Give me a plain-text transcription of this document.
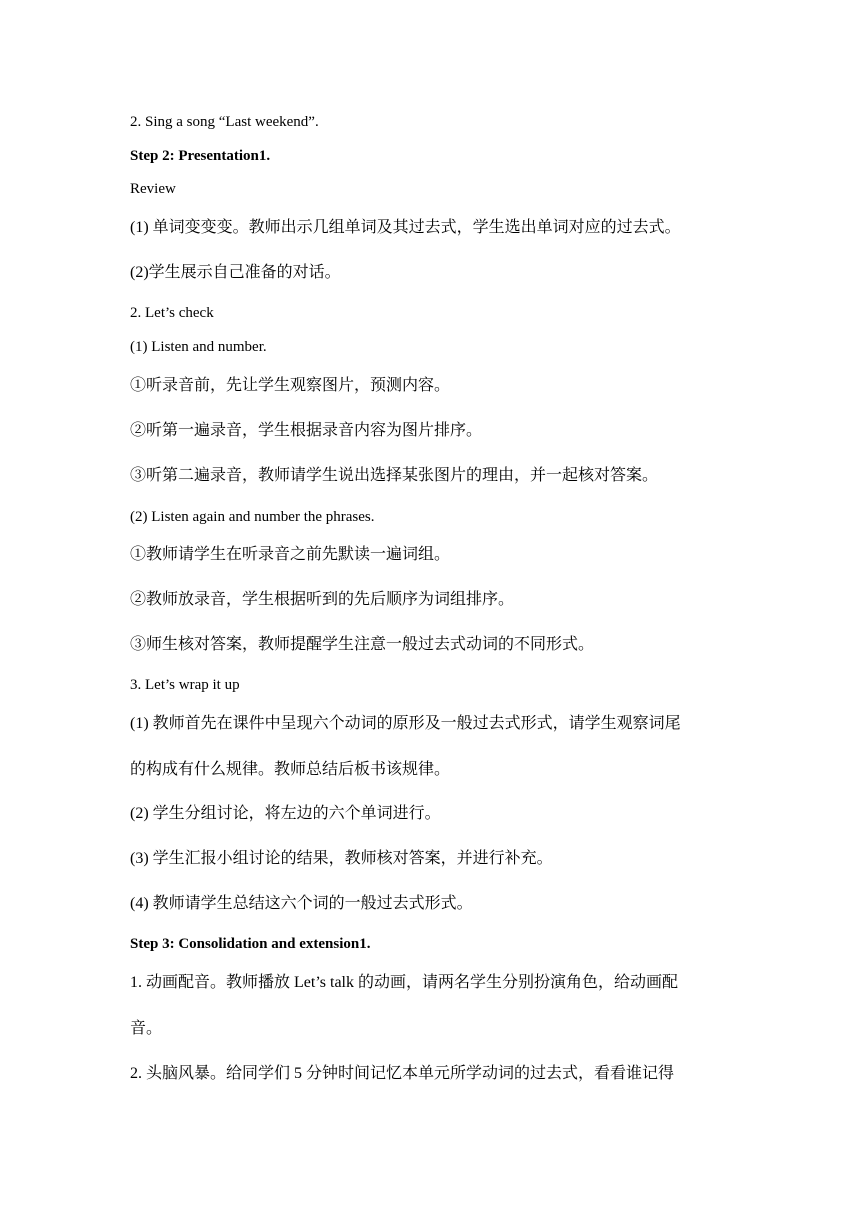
2. Sing a song “Last weekend”.
Step 2: Presentation1.
Review
(1) 单词变变变。教师出示几组单词及其过去式，学生选出单词对应的过去式。
(2)学生展示自己准备的对话。
2. Let’s check
(1) Listen and number.
①听录音前，先让学生观察图片，预测内容。
②听第一遍录音，学生根据录音内容为图片排序。
③听第二遍录音，教师请学生说出选择某张图片的理由，并一起核对答案。
(2) Listen again and number the phrases.
①教师请学生在听录音之前先默读一遍词组。
②教师放录音，学生根据听到的先后顺序为词组排序。
③师生核对答案，教师提醒学生注意一般过去式动词的不同形式。
3. Let’s wrap it up
(1) 教师首先在课件中呈现六个动词的原形及一般过去式形式，请学生观察词尾
的构成有什么规律。教师总结后板书该规律。
(2) 学生分组讨论，将左边的六个单词进行。
(3) 学生汇报小组讨论的结果，教师核对答案，并进行补充。
(4) 教师请学生总结这六个词的一般过去式形式。
Step 3: Consolidation and extension1.
1. 动画配音。教师播放 Let’s talk 的动画，请两名学生分别扮演角色，给动画配
音。
2. 头脑风暴。给同学们 5 分钟时间记忆本单元所学动词的过去式，看看谁记得
